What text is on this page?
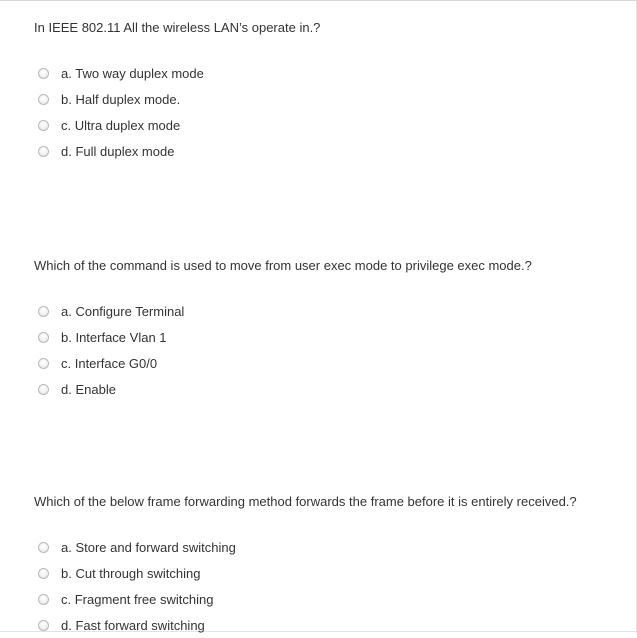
In IEEE 802.11 All the wireless LAN’s operate in.?

a. Two way duplex mode
b. Half duplex mode.
c. Ultra duplex mode
d. Full duplex mode

Which of the command is used to move from user exec mode to privilege exec mode.?

a. Configure Terminal
b. Interface Vlan 1
c. Interface G0/0
d. Enable

Which of the below frame forwarding method forwards the frame before it is entirely received.?

a. Store and forward switching
b. Cut through switching
c. Fragment free switching
d. Fast forward switching
